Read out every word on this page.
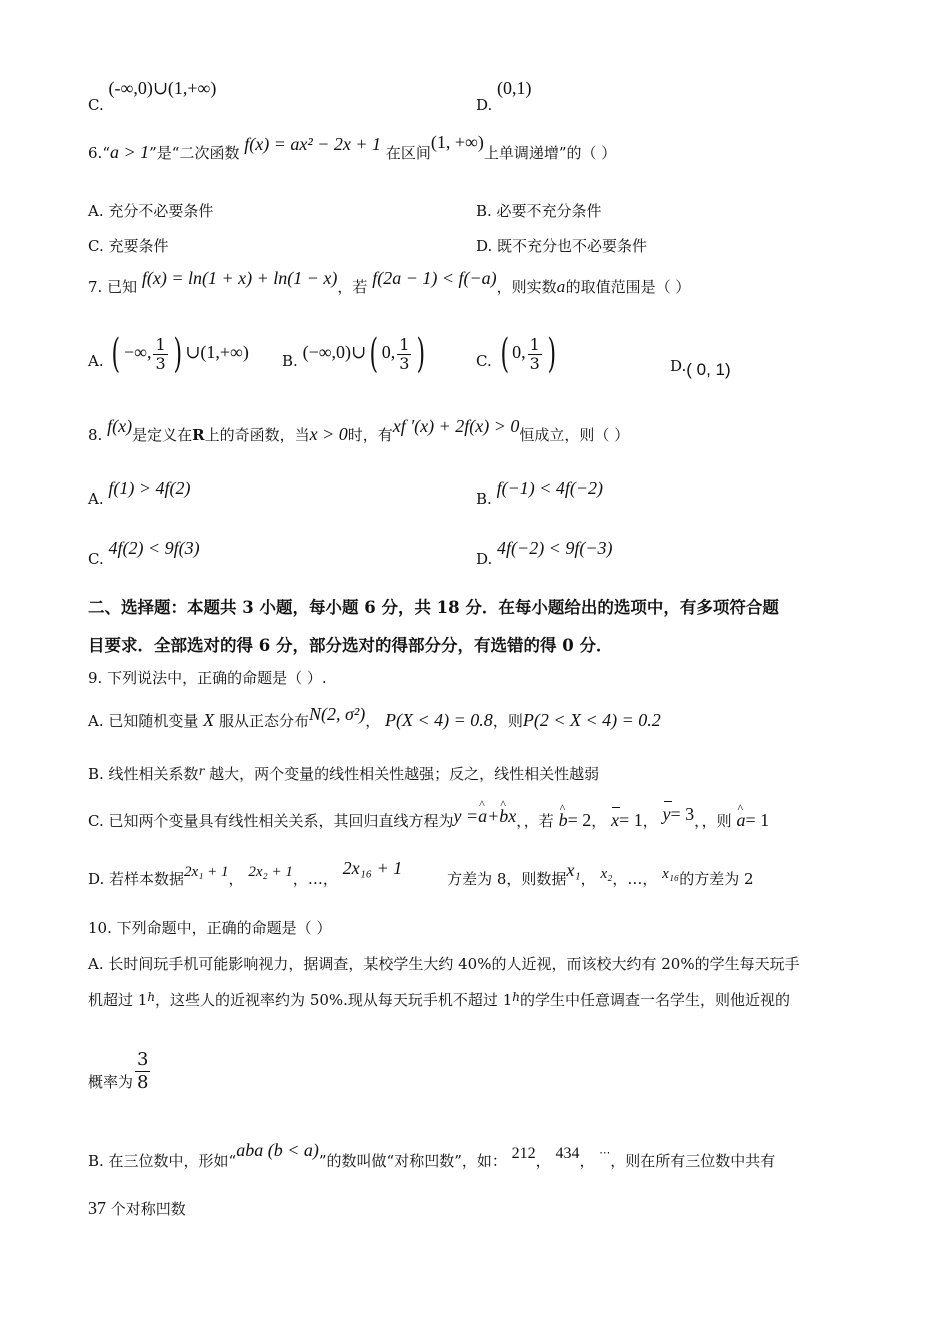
C. (-∞,0)∪(1,+∞)
D. (0,1)
6.“a > 1”是“二次函数 f(x) = ax² − 2x + 1 在区间(1, +∞)上单调递增”的（ ）
A. 充分不必要条件	B. 必要不充分条件
C. 充要条件	D. 既不充分也不必要条件
7. 已知 f(x) = ln(1 + x) + ln(1 − x)，若 f(2a − 1) < f(−a)，则实数a的取值范围是（ ）
A. ( −∞, $\frac{1}{3}$ ) ∪(1,+∞) B. (−∞,0)∪( 0, $\frac{1}{3}$ )	C. ( 0, $\frac{1}{3}$ )	D.( 0, 1)
8. f(x)是定义在R上的奇函数，当x > 0时，有xf ′(x) + 2f(x) > 0恒成立，则（ ）
A. f(1) > 4f(2)
B. f(−1) < 4f(−2)
C. 4f(2) < 9f(3)
D. 4f(−2) < 9f(−3)
二、选择题：本题共 3 小题，每小题 6 分，共 18 分．在每小题给出的选项中，有多项符合题
目要求．全部选对的得 6 分，部分选对的得部分分，有选错的得 0 分．
9. 下列说法中，正确的命题是（ ）.
A. 已知随机变量 X 服从正态分布N(2, σ²)， P(X < 4) = 0.8，则P(2 < X < 4) = 0.2
B. 线性相关系数$^r$ 越大，两个变量的线性相关性越强；反之，线性相关性越弱
C. 已知两个变量具有线性相关关系，其回归直线方程为y =^ a+^ bx，，若 ^ b= 2， x= 1， y= 3，，则 ^ a= 1
D. 若样本数据2x₁ + 1， 2x₂ + 1，…， 2x₁₆ + 1 方差为 8，则数据x₁， x₂，…， x₁₆的方差为 2
10. 下列命题中，正确的命题是（ ）
A. 长时间玩手机可能影响视力，据调查，某校学生大约 40%的人近视，而该校大约有 20%的学生每天玩手
机超过 1$^h$，这些人的近视率约为 50%.现从每天玩手机不超过 1$^h$的学生中任意调查一名学生，则他近视的
概率为 $\frac{3}{8}$
B. 在三位数中，形如“aba (b < a)”的数叫做“对称凹数”，如： 212， 434， ⋯，则在所有三位数中共有
37 个对称凹数
